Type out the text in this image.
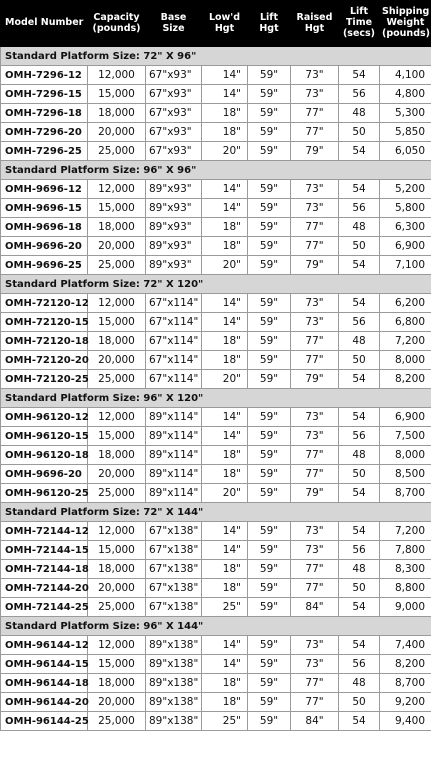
Model Number	Capacity (pounds)	Base Size	Low'd Hgt	Lift Hgt	Raised Hgt	Lift Time (secs)	Shipping Weight (pounds)
Standard Platform Size: 72" X 96"							
OMH-7296-12	12,000	67"x93"	14"	59"	73"	54	4,100
OMH-7296-15	15,000	67"x93"	14"	59"	73"	56	4,800
OMH-7296-18	18,000	67"x93"	18"	59"	77"	48	5,300
OMH-7296-20	20,000	67"x93"	18"	59"	77"	50	5,850
OMH-7296-25	25,000	67"x93"	20"	59"	79"	54	6,050
Standard Platform Size: 96" X 96"							
OMH-9696-12	12,000	89"x93"	14"	59"	73"	54	5,200
OMH-9696-15	15,000	89"x93"	14"	59"	73"	56	5,800
OMH-9696-18	18,000	89"x93"	18"	59"	77"	48	6,300
OMH-9696-20	20,000	89"x93"	18"	59"	77"	50	6,900
OMH-9696-25	25,000	89"x93"	20"	59"	79"	54	7,100
Standard Platform Size: 72" X 120"							
OMH-72120-12	12,000	67"x114"	14"	59"	73"	54	6,200
OMH-72120-15	15,000	67"x114"	14"	59"	73"	56	6,800
OMH-72120-18	18,000	67"x114"	18"	59"	77"	48	7,200
OMH-72120-20	20,000	67"x114"	18"	59"	77"	50	8,000
OMH-72120-25	25,000	67"x114"	20"	59"	79"	54	8,200
Standard Platform Size: 96" X 120"							
OMH-96120-12	12,000	89"x114"	14"	59"	73"	54	6,900
OMH-96120-15	15,000	89"x114"	14"	59"	73"	56	7,500
OMH-96120-18	18,000	89"x114"	18"	59"	77"	48	8,000
OMH-9696-20	20,000	89"x114"	18"	59"	77"	50	8,500
OMH-96120-25	25,000	89"x114"	20"	59"	79"	54	8,700
Standard Platform Size: 72" X 144"							
OMH-72144-12	12,000	67"x138"	14"	59"	73"	54	7,200
OMH-72144-15	15,000	67"x138"	14"	59"	73"	56	7,800
OMH-72144-18	18,000	67"x138"	18"	59"	77"	48	8,300
OMH-72144-20	20,000	67"x138"	18"	59"	77"	50	8,800
OMH-72144-25	25,000	67"x138"	25"	59"	84"	54	9,000
Standard Platform Size: 96" X 144"							
OMH-96144-12	12,000	89"x138"	14"	59"	73"	54	7,400
OMH-96144-15	15,000	89"x138"	14"	59"	73"	56	8,200
OMH-96144-18	18,000	89"x138"	18"	59"	77"	48	8,700
OMH-96144-20	20,000	89"x138"	18"	59"	77"	50	9,200
OMH-96144-25	25,000	89"x138"	25"	59"	84"	54	9,400
